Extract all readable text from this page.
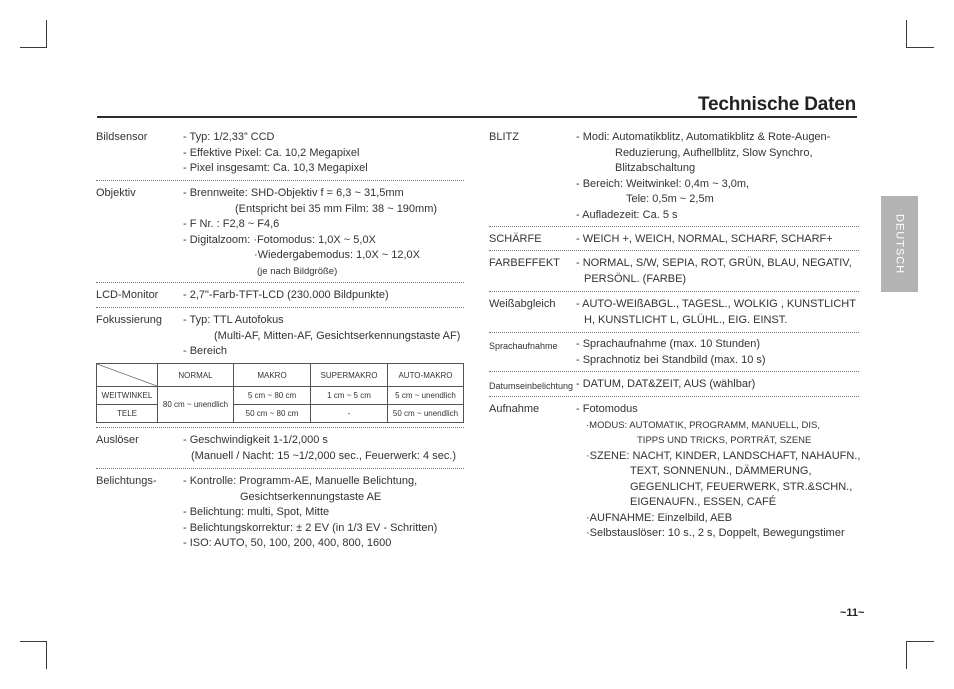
Technische Daten
DEUTSCH
Bildsensor	- Typ: 1/2,33” CCD
- Effektive Pixel: Ca. 10,2 Megapixel
- Pixel insgesamt: Ca. 10,3 Megapixel
Objektiv	- Brennweite: SHD-Objektiv f = 6,3 ~ 31,5mm
(Entspricht bei 35 mm Film: 38 ~ 190mm)
- F Nr. : F2,8 ~ F4,6
- Digitalzoom: ·Fotomodus: 1,0X ~ 5,0X
·Wiedergabemodus: 1,0X ~ 12,0X
(je nach Bildgröße)
LCD-Monitor - 2,7"-Farb-TFT-LCD (230.000 Bildpunkte)
Fokussierung - Typ: TTL Autofokus
(Multi-AF, Mitten-AF, Gesichtserkennungstaste AF)
- Bereich
	NORMAL	MAKRO	SUPERMAKRO	AUTO-MAKRO
WEITWINKEL	80 cm ~ unendlich	5 cm ~ 80 cm	1 cm ~ 5 cm	5 cm ~ unendlich
TELE		50 cm ~ 80 cm	-	50 cm ~ unendlich
Auslöser	- Geschwindigkeit 1-1/2,000 s
(Manuell / Nacht: 15 ~1/2,000 sec., Feuerwerk: 4 sec.)
Belichtungs- - Kontrolle: Programm-AE, Manuelle Belichtung,
Gesichtserkennungstaste AE
- Belichtung: multi, Spot, Mitte
- Belichtungskorrektur: ± 2 EV (in 1/3 EV - Schritten)
- ISO: AUTO, 50, 100, 200, 400, 800, 1600
BLITZ	- Modi: Automatikblitz, Automatikblitz & Rote-Augen-
Reduzierung, Aufhellblitz, Slow Synchro,
Blitzabschaltung
- Bereich: Weitwinkel: 0,4m ~ 3,0m,
Tele: 0,5m ~ 2,5m
- Aufladezeit: Ca. 5 s
SCHÄRFE	- WEICH +, WEICH, NORMAL, SCHARF, SCHARF+
FARBEFFEKT - NORMAL, S/W, SEPIA, ROT, GRÜN, BLAU, NEGATIV,
PERSÖNL. (FARBE)
Weißabgleich - AUTO-WEIßABGL., TAGESL., WOLKIG , KUNSTLICHT
H, KUNSTLICHT L, GLÜHL., EIG. EINST.
Sprachaufnahme - Sprachaufnahme (max. 10 Stunden)
- Sprachnotiz bei Standbild (max. 10 s)
Datumseinbelichtung - DATUM, DAT&ZEIT, AUS (wählbar)
Aufnahme	- Fotomodus
·MODUS: AUTOMATIK, PROGRAMM, MANUELL, DIS,
TIPPS UND TRICKS, PORTRÄT, SZENE
·SZENE: NACHT, KINDER, LANDSCHAFT, NAHAUFN.,
TEXT, SONNENUN., DÄMMERUNG,
GEGENLICHT, FEUERWERK, STR.&SCHN.,
EIGENAUFN., ESSEN, CAFÉ
·AUFNAHME: Einzelbild, AEB
·Selbstauslöser: 10 s., 2 s, Doppelt, Bewegungstimer
~11~
